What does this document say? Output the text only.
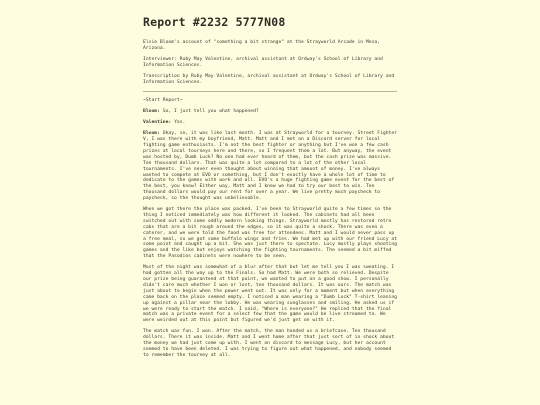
Report #2232 5777N08

Elsie Bloom's account of "something a bit strange" at the Strayworld Arcade in Mesa, Arizona.

Interviewer: Ruby May Valentine, archival assistant at Ordway's School of Library and Information Sciences.

Transcription by Ruby May Valentine, archival assistant at Ordway's School of Library and Information Sciences.

~Start Report~

Bloom: So, I just tell you what happened?

Valentine: Yes.

Bloom: Okay, so, it was like last month. I was at Strayworld for a tourney. Street Fighter V, I was there with my boyfriend, Matt. Matt and I met on a Discord server for local fighting game enthusiasts. I'm not the best fighter or anything but I've won a few cash prizes at local tourneys here and there, so I frequent them a lot. But anyway, the event was hosted by, Dumb Luck? No one had ever heard of them, but the cash prize was massive. Ten thousand dollars. That was quite a lot compared to a lot of the other local tournaments. I've never even thought about winning that amount of money. I've always wanted to compete at EVO or something, but I don't exactly have a whole lot of time to dedicate to the games with work and all. EVO's a huge fighting game event for the best of the best, you know? Either way, Matt and I knew we had to try our best to win. Ten thousand dollars would pay our rent for over a year. We live pretty much paycheck to paycheck, so the thought was unbelievable.

When we got there the place was packed. I've been to Strayworld quite a few times so the thing I noticed immediately was how different it looked. The cabinets had all been switched out with some oddly modern looking things. Strayworld mostly has restored retro cabs that are a bit rough around the edges, so it was quite a shock. There was even a caterer, and we were told the food was free for attendees. Matt and I would never pass up a free meal, so we got some buffalo wings and fries. We had met up with our friend Lucy at some point and caught up a bit. She was just there to spectate. Lucy mostly plays shooting games and the like but enjoys watching the fighting tournaments. The seemed a bit miffed that the Pasodios cabinets were nowhere to be seen.

Most of the night was somewhat of a blur after that but let me tell you I was sweating. I had gotten all the way up to the Finals. So had Matt. We were both so relieved. Despite our prize being guaranteed at that point, we wanted to put on a good show. I personally didn't care much whether I won or lost, ten thousand dollars. It was ours. The match was just about to begin when the power went out. It was only for a moment but when everything came back on the place seemed empty. I noticed a man wearing a "Dumb Luck" T-shirt leaning up against a pillar near the lobby. He was wearing sunglasses and smiling. He asked us if we were ready to start the match. I said, "Where is everyone?" He replied that the final match was a private event for a select few that the game would be live streamed to. We were weirded out at this point but figured we'd just get on with it.

The match was fun. I won. After the match, the man handed us a briefcase. Ten thousand dollars. There it was inside. Matt and I went home after that just sort of in shock about the money we had just come up with. I went on discord to message Lucy, but her account seemed to have been deleted. I was trying to figure out what happened, and nobody seemed to remember the tourney at all.
